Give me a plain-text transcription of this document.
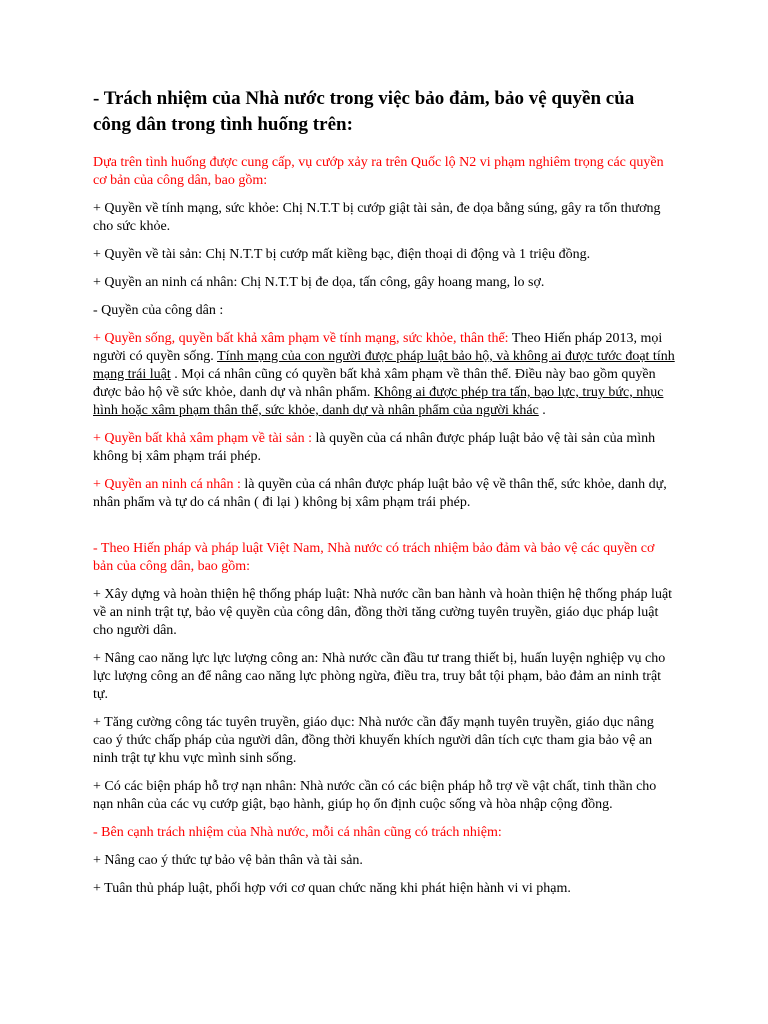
- Trách nhiệm của Nhà nước trong việc bảo đảm, bảo vệ quyền của công dân trong tình huống trên:

Dựa trên tình huống được cung cấp, vụ cướp xảy ra trên Quốc lộ N2 vi phạm nghiêm trọng các quyền cơ bản của công dân, bao gồm:

+ Quyền về tính mạng, sức khỏe: Chị N.T.T bị cướp giật tài sản, đe dọa bằng súng, gây ra tổn thương cho sức khỏe.

+ Quyền về tài sản: Chị N.T.T bị cướp mất kiềng bạc, điện thoại di động và 1 triệu đồng.

+ Quyền an ninh cá nhân: Chị N.T.T bị đe dọa, tấn công, gây hoang mang, lo sợ.

- Quyền của công dân :

+ Quyền sống, quyền bất khả xâm phạm về tính mạng, sức khỏe, thân thể: Theo Hiến pháp 2013, mọi người có quyền sống. Tính mạng của con người được pháp luật bảo hộ, và không ai được tước đoạt tính mạng trái luật . Mọi cá nhân cũng có quyền bất khả xâm phạm về thân thể. Điều này bao gồm quyền được bảo hộ về sức khỏe, danh dự và nhân phẩm. Không ai được phép tra tấn, bạo lực, truy bức, nhục hình hoặc xâm phạm thân thể, sức khỏe, danh dự và nhân phẩm của người khác .

+ Quyền bất khả xâm phạm về tài sản : là quyền của cá nhân được pháp luật bảo vệ tài sản của mình không bị xâm phạm trái phép.

+ Quyền an ninh cá nhân : là quyền của cá nhân được pháp luật bảo vệ về thân thể, sức khỏe, danh dự, nhân phẩm và tự do cá nhân ( đi lại ) không bị xâm phạm trái phép.

- Theo Hiến pháp và pháp luật Việt Nam, Nhà nước có trách nhiệm bảo đảm và bảo vệ các quyền cơ bản của công dân, bao gồm:

+ Xây dựng và hoàn thiện hệ thống pháp luật: Nhà nước cần ban hành và hoàn thiện hệ thống pháp luật về an ninh trật tự, bảo vệ quyền của công dân, đồng thời tăng cường tuyên truyền, giáo dục pháp luật cho người dân.

+ Nâng cao năng lực lực lượng công an: Nhà nước cần đầu tư trang thiết bị, huấn luyện nghiệp vụ cho lực lượng công an để nâng cao năng lực phòng ngừa, điều tra, truy bắt tội phạm, bảo đảm an ninh trật tự.

+ Tăng cường công tác tuyên truyền, giáo dục: Nhà nước cần đẩy mạnh tuyên truyền, giáo dục nâng cao ý thức chấp pháp của người dân, đồng thời khuyến khích người dân tích cực tham gia bảo vệ an ninh trật tự khu vực mình sinh sống.

+ Có các biện pháp hỗ trợ nạn nhân: Nhà nước cần có các biện pháp hỗ trợ về vật chất, tinh thần cho nạn nhân của các vụ cướp giật, bạo hành, giúp họ ổn định cuộc sống và hòa nhập cộng đồng.

- Bên cạnh trách nhiệm của Nhà nước, mỗi cá nhân cũng có trách nhiệm:

+ Nâng cao ý thức tự bảo vệ bản thân và tài sản.

+ Tuân thủ pháp luật, phối hợp với cơ quan chức năng khi phát hiện hành vi vi phạm.
